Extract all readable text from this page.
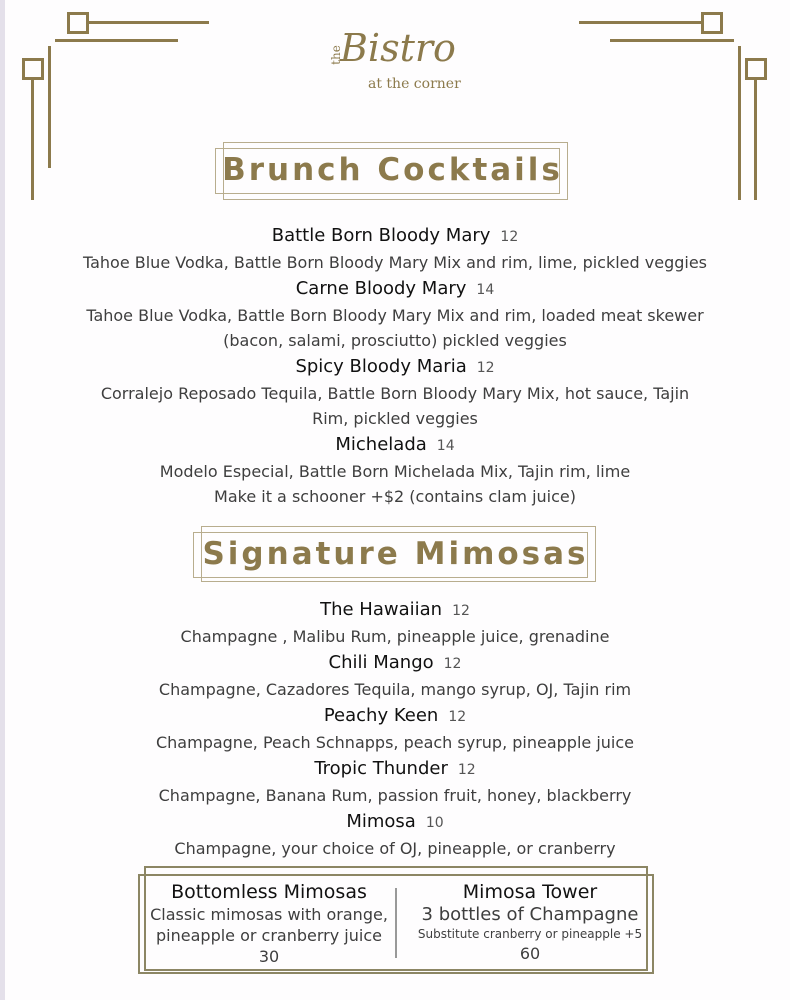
the
Bistro
at the corner
Brunch Cocktails
Battle Born Bloody Mary 12
Tahoe Blue Vodka, Battle Born Bloody Mary Mix and rim, lime, pickled veggies
Carne Bloody Mary 14
Tahoe Blue Vodka, Battle Born Bloody Mary Mix and rim, loaded meat skewer
(bacon, salami, prosciutto) pickled veggies
Spicy Bloody Maria 12
Corralejo Reposado Tequila, Battle Born Bloody Mary Mix, hot sauce, Tajin
Rim, pickled veggies
Michelada 14
Modelo Especial, Battle Born Michelada Mix, Tajin rim, lime
Make it a schooner +$2 (contains clam juice)
Signature Mimosas
The Hawaiian 12
Champagne , Malibu Rum, pineapple juice, grenadine
Chili Mango 12
Champagne, Cazadores Tequila, mango syrup, OJ, Tajin rim
Peachy Keen 12
Champagne, Peach Schnapps, peach syrup, pineapple juice
Tropic Thunder 12
Champagne, Banana Rum, passion fruit, honey, blackberry
Mimosa 10
Champagne, your choice of OJ, pineapple, or cranberry
Bottomless Mimosas
Classic mimosas with orange,
pineapple or cranberry juice
30
Mimosa Tower
3 bottles of Champagne
Substitute cranberry or pineapple +5
60
